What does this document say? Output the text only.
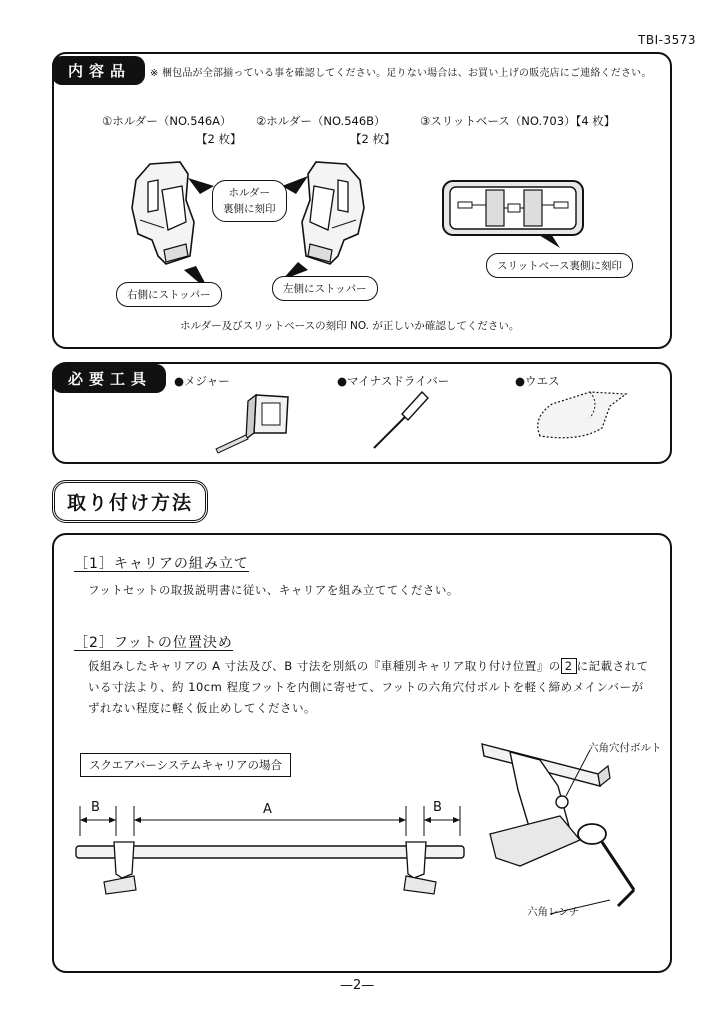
TBI-3573
内容品	※ 梱包品が全部揃っている事を確認してください。足りない場合は、お買い上げの販売店にご連絡ください。
①ホルダー（NO.546A）
【2 枚】
②ホルダー（NO.546B）
【2 枚】
③スリットベース（NO.703）【4 枚】
ホルダー
裏側に刻印
右側にストッパー	左側にストッパー
スリットベース裏側に刻印
ホルダー及びスリットベースの刻印 NO. が正しいか確認してください。
必要工具	●メジャー	●マイナスドライバー	●ウエス
取り付け方法
［1］キャリアの組み立て
フットセットの取扱説明書に従い、キャリアを組み立ててください。
［2］フットの位置決め
仮組みしたキャリアの A 寸法及び、B 寸法を別紙の『車種別キャリア取り付け位置』の 2 に記載されて
いる寸法より、約 10cm 程度フットを内側に寄せて、フットの六角穴付ボルトを軽く締めメインバーが
ずれない程度に軽く仮止めしてください。
スクエアバーシステムキャリアの場合
B	A	B
六角穴付ボルト
六角レンチ
—2—
